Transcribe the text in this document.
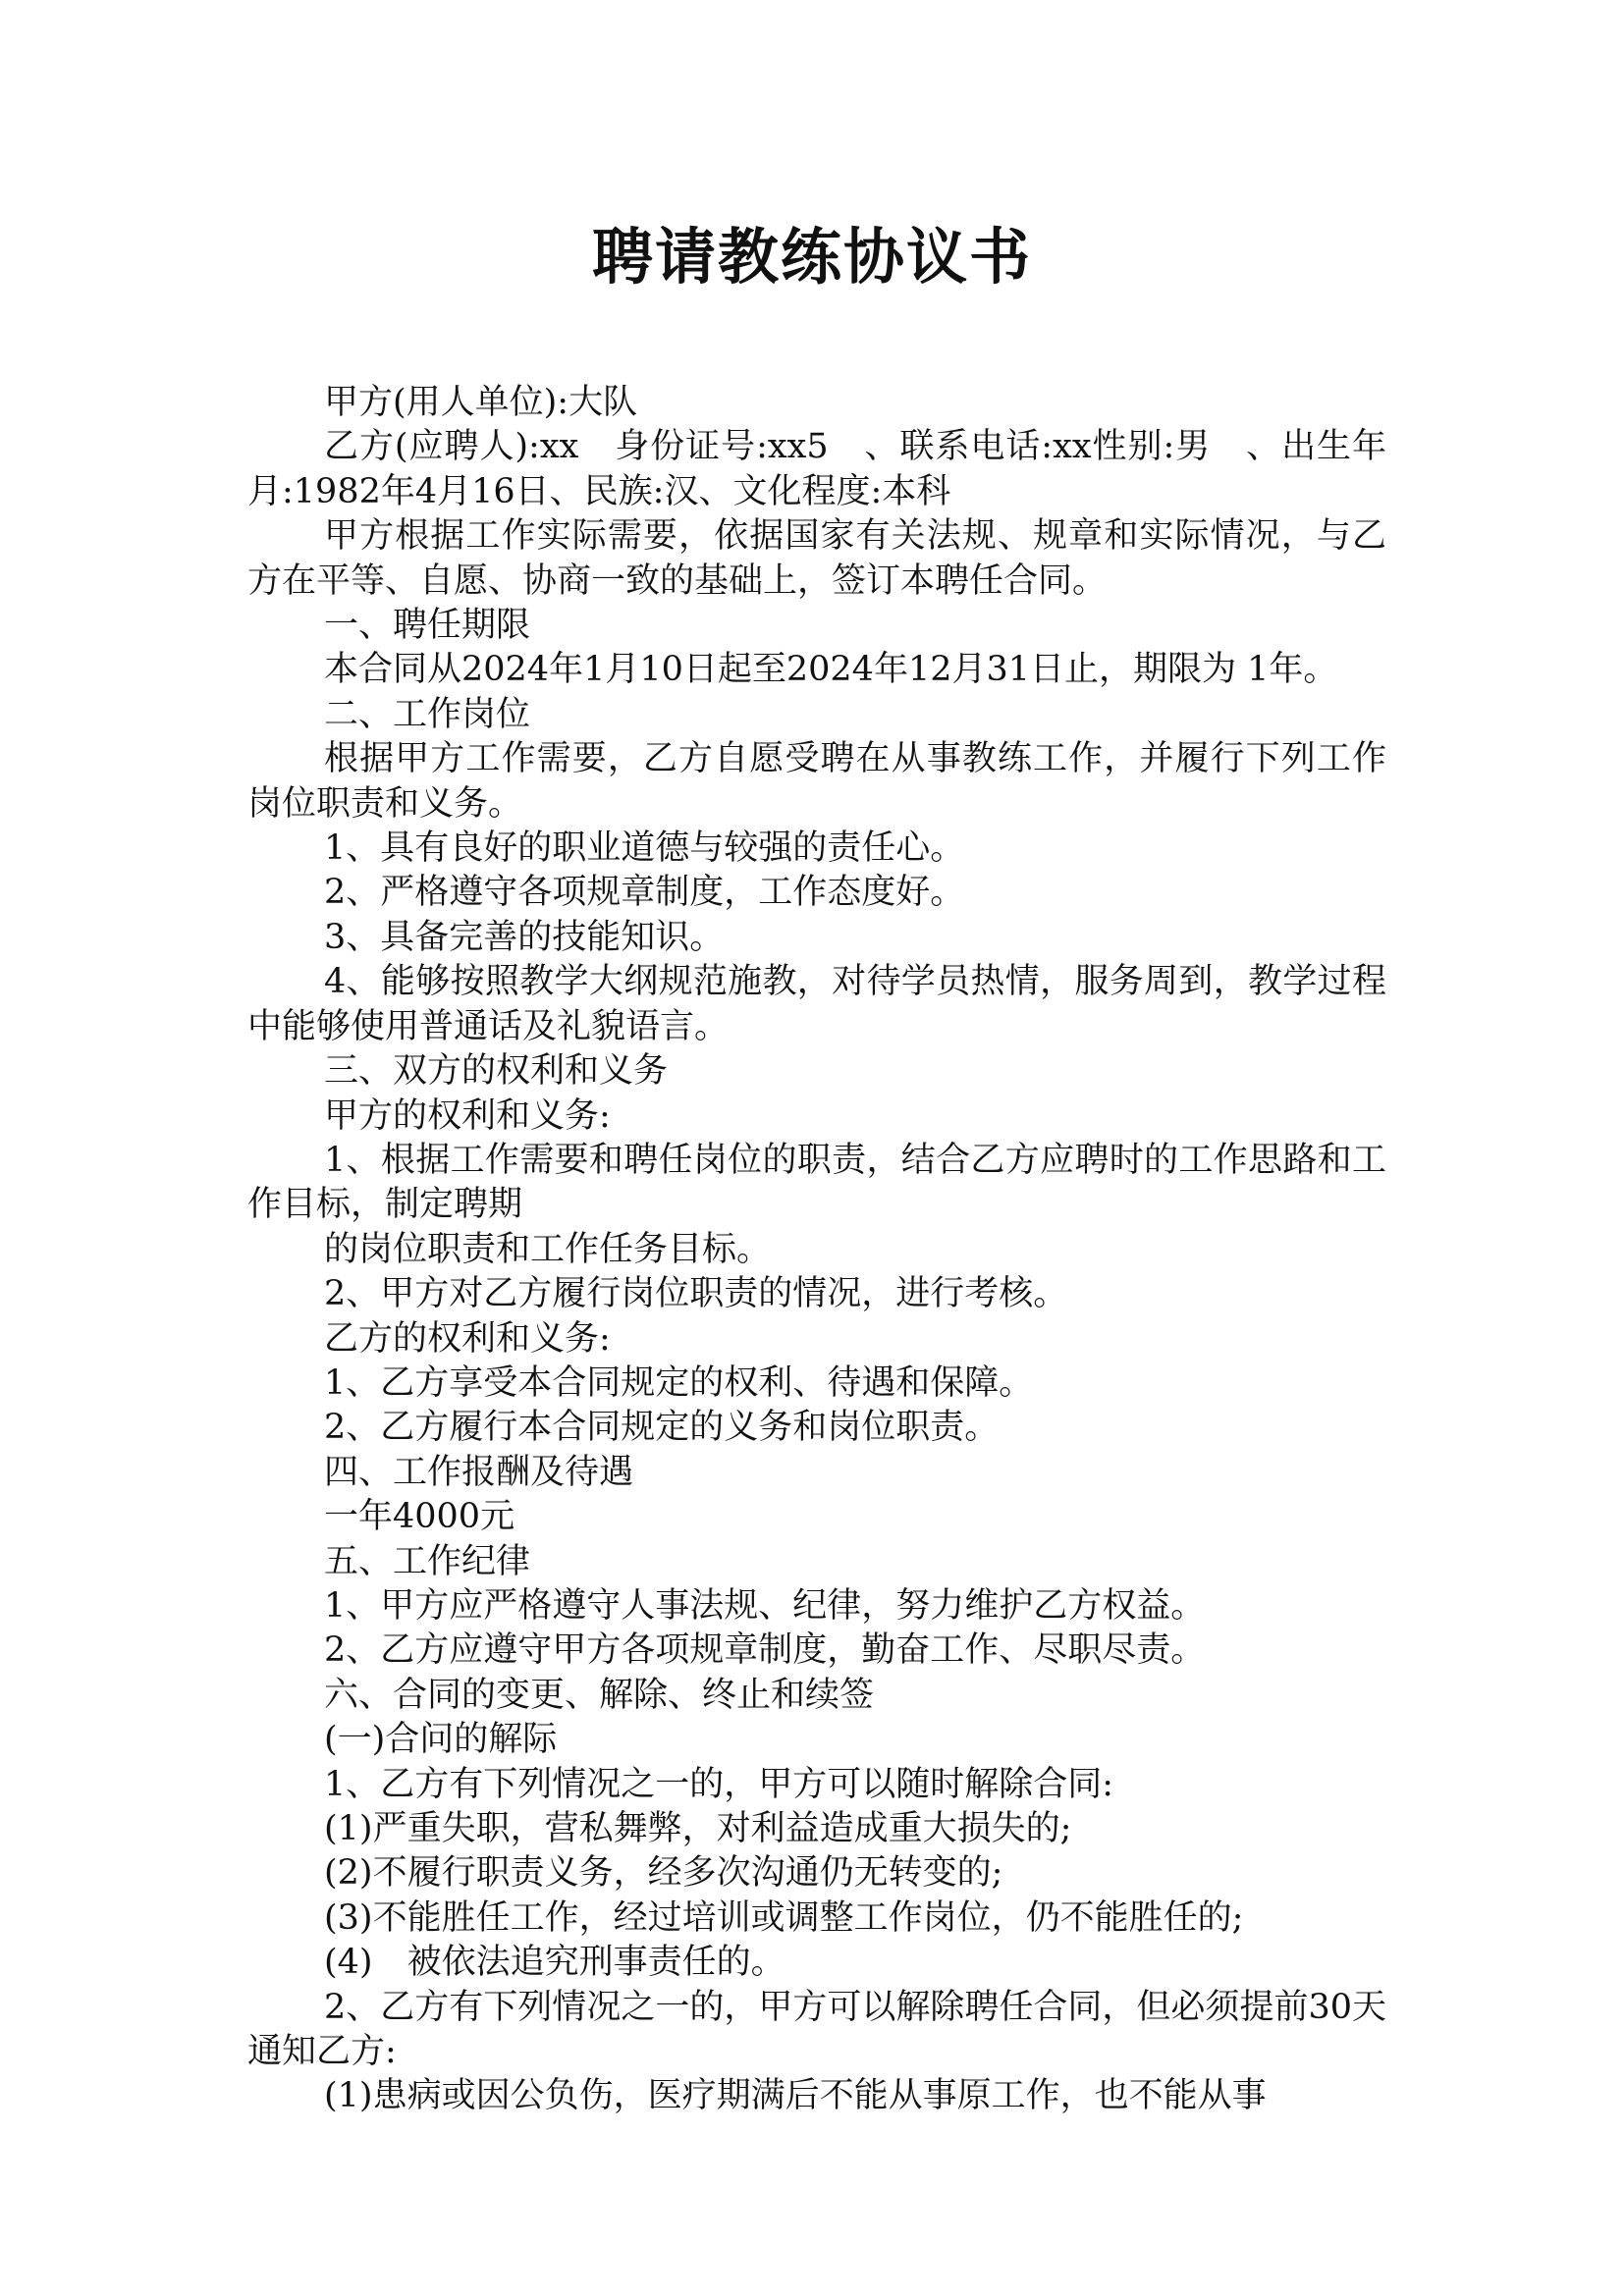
聘请教练协议书

甲方(用人单位):大队

乙方(应聘人):xx　身份证号:xx5　、联系电话:xx性别:男　、出生年月:1982年4月16日、民族:汉、文化程度:本科

甲方根据工作实际需要，依据国家有关法规、规章和实际情况，与乙方在平等、自愿、协商一致的基础上，签订本聘任合同。

一、聘任期限

本合同从2024年1月10日起至2024年12月31日止，期限为 1年。

二、工作岗位

根据甲方工作需要，乙方自愿受聘在从事教练工作，并履行下列工作岗位职责和义务。

1、具有良好的职业道德与较强的责任心。

2、严格遵守各项规章制度，工作态度好。

3、具备完善的技能知识。

4、能够按照教学大纲规范施教，对待学员热情，服务周到，教学过程中能够使用普通话及礼貌语言。

三、双方的权利和义务

甲方的权利和义务:

1、根据工作需要和聘任岗位的职责，结合乙方应聘时的工作思路和工作目标，制定聘期

的岗位职责和工作任务目标。

2、甲方对乙方履行岗位职责的情况，进行考核。

乙方的权利和义务:

1、乙方享受本合同规定的权利、待遇和保障。

2、乙方履行本合同规定的义务和岗位职责。

四、工作报酬及待遇

一年4000元

五、工作纪律

1、甲方应严格遵守人事法规、纪律，努力维护乙方权益。

2、乙方应遵守甲方各项规章制度，勤奋工作、尽职尽责。

六、合同的变更、解除、终止和续签

(一)合问的解际

1、乙方有下列情况之一的，甲方可以随时解除合同:

(1)严重失职，营私舞弊，对利益造成重大损失的;

(2)不履行职责义务，经多次沟通仍无转变的;

(3)不能胜任工作，经过培训或调整工作岗位，仍不能胜任的;

(4)　被依法追究刑事责任的。

2、乙方有下列情况之一的，甲方可以解除聘任合同，但必须提前30天通知乙方:

(1)患病或因公负伤，医疗期满后不能从事原工作，也不能从事
